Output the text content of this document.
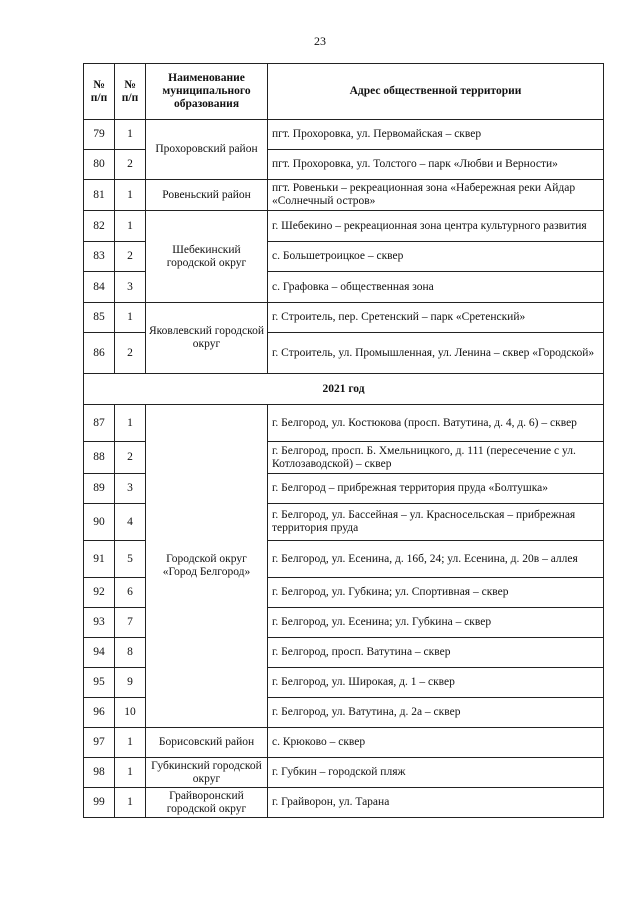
23
№ п/п	№ п/п	Наименование муниципального образования	Адрес общественной территории
79	1	Прохоровский район	пгт. Прохоровка, ул. Первомайская – сквер
80	2		пгт. Прохоровка, ул. Толстого – парк «Любви и Верности»
81	1	Ровеньский район	пгт. Ровеньки – рекреационная зона «Набережная реки Айдар «Солнечный остров»
82	1	Шебекинский городской округ	г. Шебекино – рекреационная зона центра культурного развития
83	2		с. Большетроицкое – сквер
84	3		с. Графовка – общественная зона
85	1	Яковлевский городской округ	г. Строитель, пер. Сретенский – парк «Сретенский»
86	2		г. Строитель, ул. Промышленная, ул. Ленина – сквер «Городской»
2021 год			
87	1	Городской округ «Город Белгород»	г. Белгород, ул. Костюкова (просп. Ватутина, д. 4, д. 6) – сквер
88	2		г. Белгород, просп. Б. Хмельницкого, д. 111 (пересечение с ул. Котлозаводской) – сквер
89	3		г. Белгород – прибрежная территория пруда «Болтушка»
90	4		г. Белгород, ул. Бассейная – ул. Красносельская – прибрежная территория пруда
91	5		г. Белгород, ул. Есенина, д. 16б, 24; ул. Есенина, д. 20в – аллея
92	6		г. Белгород, ул. Губкина; ул. Спортивная – сквер
93	7		г. Белгород, ул. Есенина; ул. Губкина – сквер
94	8		г. Белгород, просп. Ватутина – сквер
95	9		г. Белгород, ул. Широкая, д. 1 – сквер
96	10		г. Белгород, ул. Ватутина, д. 2а – сквер
97	1	Борисовский район	с. Крюково – сквер
98	1	Губкинский городской округ	г. Губкин – городской пляж
99	1	Грайворонский городской округ	г. Грайворон, ул. Тарана
